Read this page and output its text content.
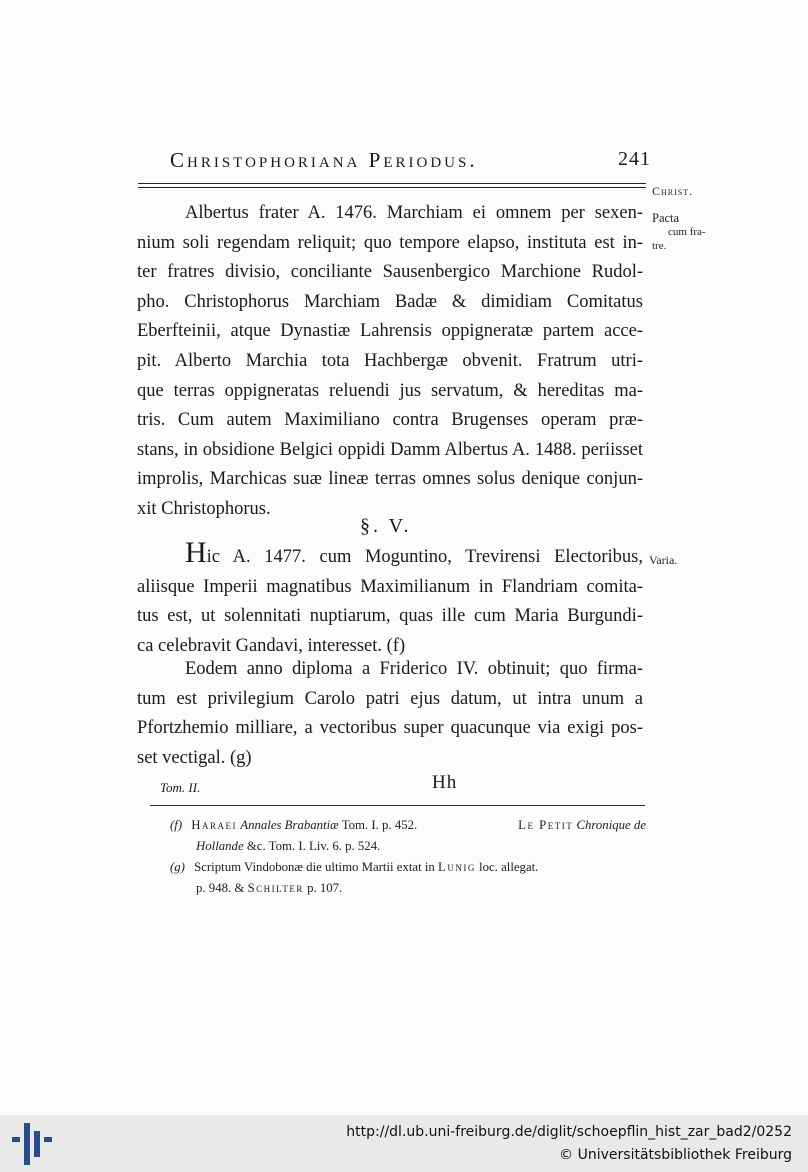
Christophoriana Periodus.	241
Christ.
Pacta
cum fra-
tre.
Varia.
Albertus frater A. 1476. Marchiam ei omnem per sexen-
nium soli regendam reliquit; quo tempore elapso, instituta est in-
ter fratres divisio, conciliante Sausenbergico Marchione Rudol-
pho. Christophorus Marchiam Badæ & dimidiam Comitatus
Eberfteinii, atque Dynastiæ Lahrensis oppigneratæ partem acce-
pit. Alberto Marchia tota Hachbergæ obvenit. Fratrum utri-
que terras oppigneratas reluendi jus servatum, & hereditas ma-
tris. Cum autem Maximiliano contra Brugenses operam præ-
stans, in obsidione Belgici oppidi Damm Albertus A. 1488. periisset
improlis, Marchicas suæ lineæ terras omnes solus denique conjun-
xit Christophorus.
§. V.
Hic A. 1477. cum Moguntino, Trevirensi Electoribus,
aliisque Imperii magnatibus Maximilianum in Flandriam comita-
tus est, ut solennitati nuptiarum, quas ille cum Maria Burgundi-
ca celebravit Gandavi, interesset. (f)
Eodem anno diploma a Friderico IV. obtinuit; quo firma-
tum est privilegium Carolo patri ejus datum, ut intra unum a
Pfortzhemio milliare, a vectoribus super quacunque via exigi pos-
set vectigal. (g)
Tom. II.	Hh
(f) Haraei Annales Brabantiæ Tom. I. p. 452.	Le Petit Chronique de
Hollande &c. Tom. I. Liv. 6. p. 524.
(g) Scriptum Vindobonæ die ultimo Martii extat in Lunig loc. allegat.
p. 948. & Schilter p. 107.
http://dl.ub.uni-freiburg.de/diglit/schoepflin_hist_zar_bad2/0252
© Universitätsbibliothek Freiburg
